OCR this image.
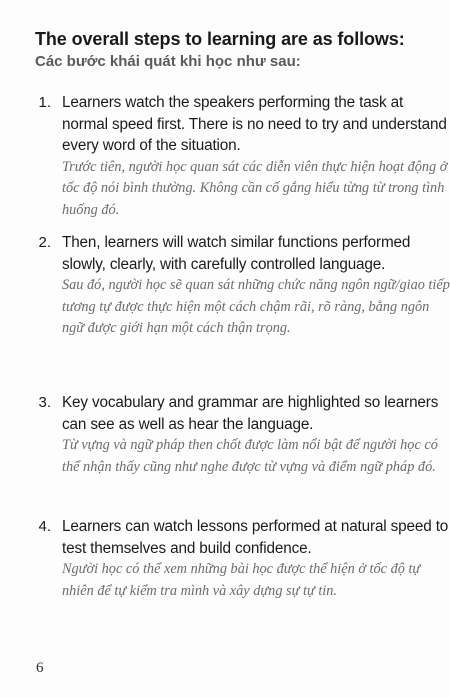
The overall steps to learning are as follows:
Các bước khái quát khi học như sau:
1. Learners watch the speakers performing the task at normal speed first. There is no need to try and understand every word of the situation.
Trước tiên, người học quan sát các diễn viên thực hiện hoạt động ở tốc độ nói bình thường. Không cần cố gắng hiểu từng từ trong tình huống đó.
2. Then, learners will watch similar functions performed slowly, clearly, with carefully controlled language.
Sau đó, người học sẽ quan sát những chức năng ngôn ngữ/giao tiếp tương tự được thực hiện một cách chậm rãi, rõ ràng, bằng ngôn ngữ được giới hạn một cách thận trọng.
3. Key vocabulary and grammar are highlighted so learners can see as well as hear the language.
Từ vựng và ngữ pháp then chốt được làm nổi bật để người học có thể nhận thấy cũng như nghe được từ vựng và điểm ngữ pháp đó.
4. Learners can watch lessons performed at natural speed to test themselves and build confidence.
Người học có thể xem những bài học được thể hiện ở tốc độ tự nhiên để tự kiểm tra mình và xây dựng sự tự tin.
6
